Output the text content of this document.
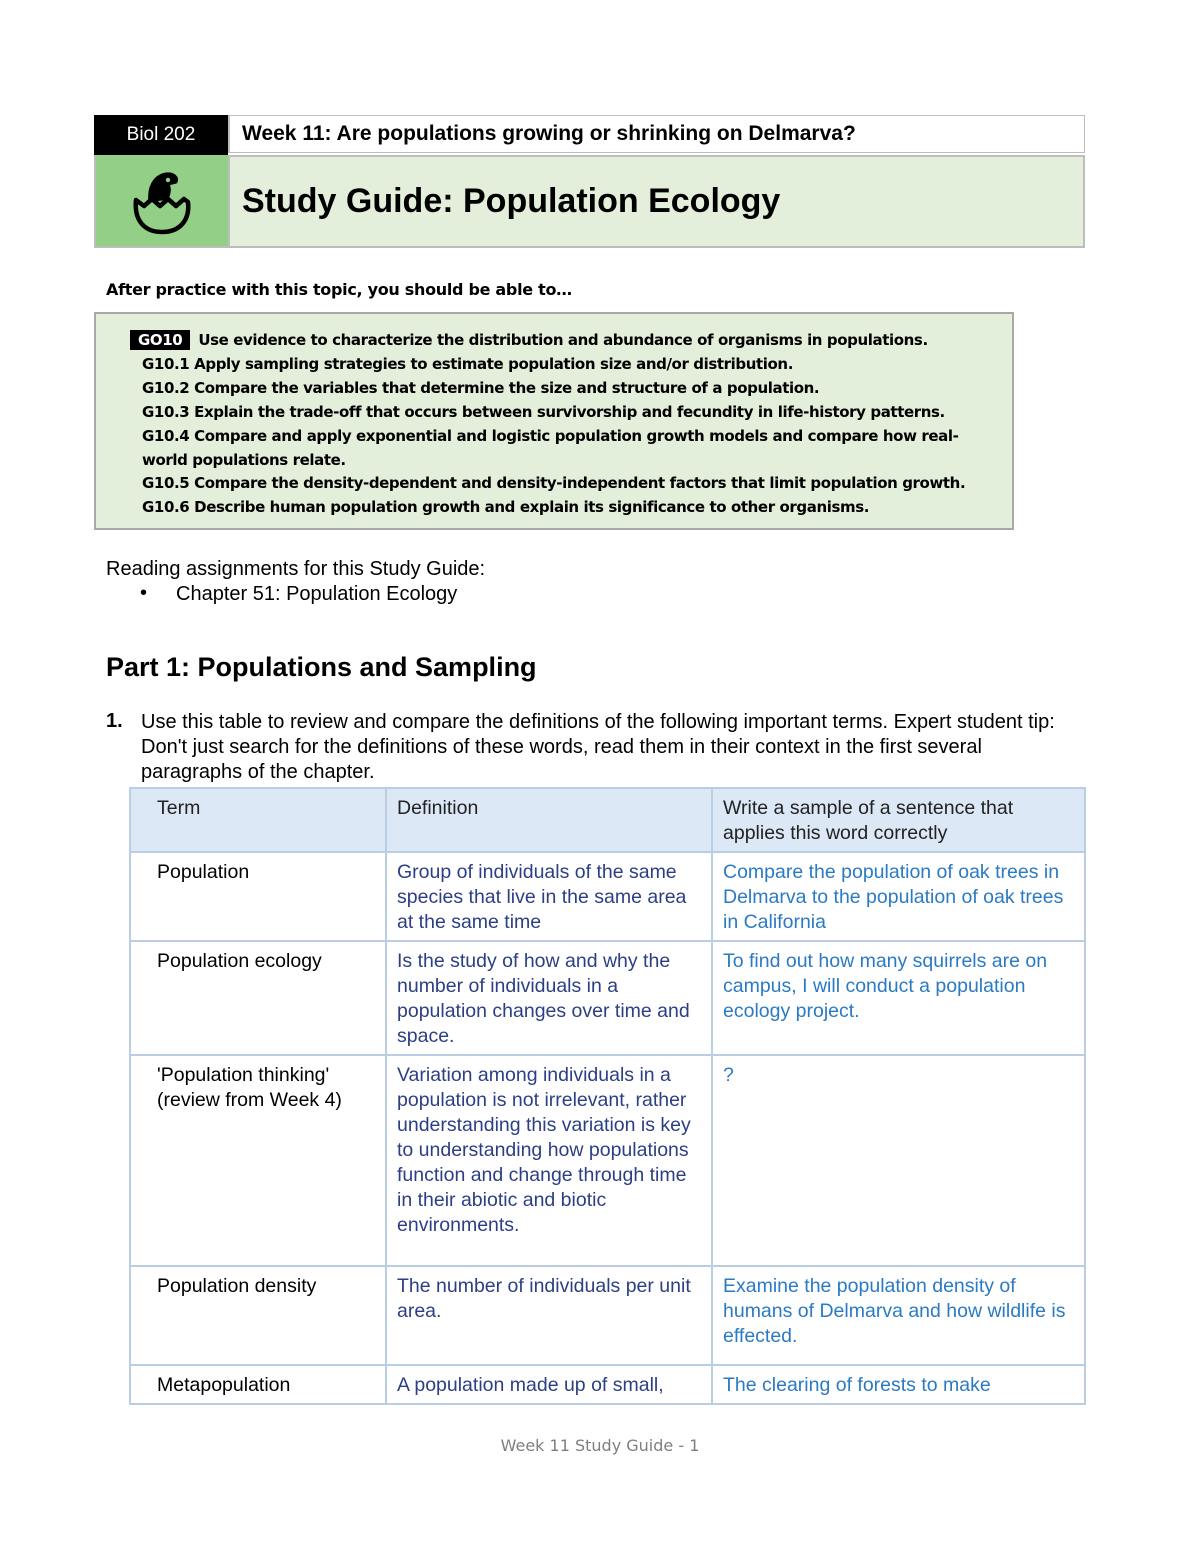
Biol 202	Week 11: Are populations growing or shrinking on Delmarva?
Study Guide: Population Ecology
After practice with this topic, you should be able to…
GO10 Use evidence to characterize the distribution and abundance of organisms in populations.
G10.1 Apply sampling strategies to estimate population size and/or distribution.
G10.2 Compare the variables that determine the size and structure of a population.
G10.3 Explain the trade-off that occurs between survivorship and fecundity in life-history patterns.
G10.4 Compare and apply exponential and logistic population growth models and compare how real-world populations relate.
G10.5 Compare the density-dependent and density-independent factors that limit population growth.
G10.6 Describe human population growth and explain its significance to other organisms.
Reading assignments for this Study Guide:
• Chapter 51: Population Ecology
Part 1: Populations and Sampling
1. Use this table to review and compare the definitions of the following important terms. Expert student tip: Don't just search for the definitions of these words, read them in their context in the first several paragraphs of the chapter.
Term	Definition	Write a sample of a sentence that applies this word correctly
Population	Group of individuals of the same species that live in the same area at the same time	Compare the population of oak trees in Delmarva to the population of oak trees in California
Population ecology	Is the study of how and why the number of individuals in a population changes over time and space.	To find out how many squirrels are on campus, I will conduct a population ecology project.
'Population thinking'
(review from Week 4)	Variation among individuals in a population is not irrelevant, rather understanding this variation is key to understanding how populations function and change through time in their abiotic and biotic environments.	?
Population density	The number of individuals per unit area.	Examine the population density of humans of Delmarva and how wildlife is effected.
Metapopulation	A population made up of small,	The clearing of forests to make
Week 11 Study Guide - 1
